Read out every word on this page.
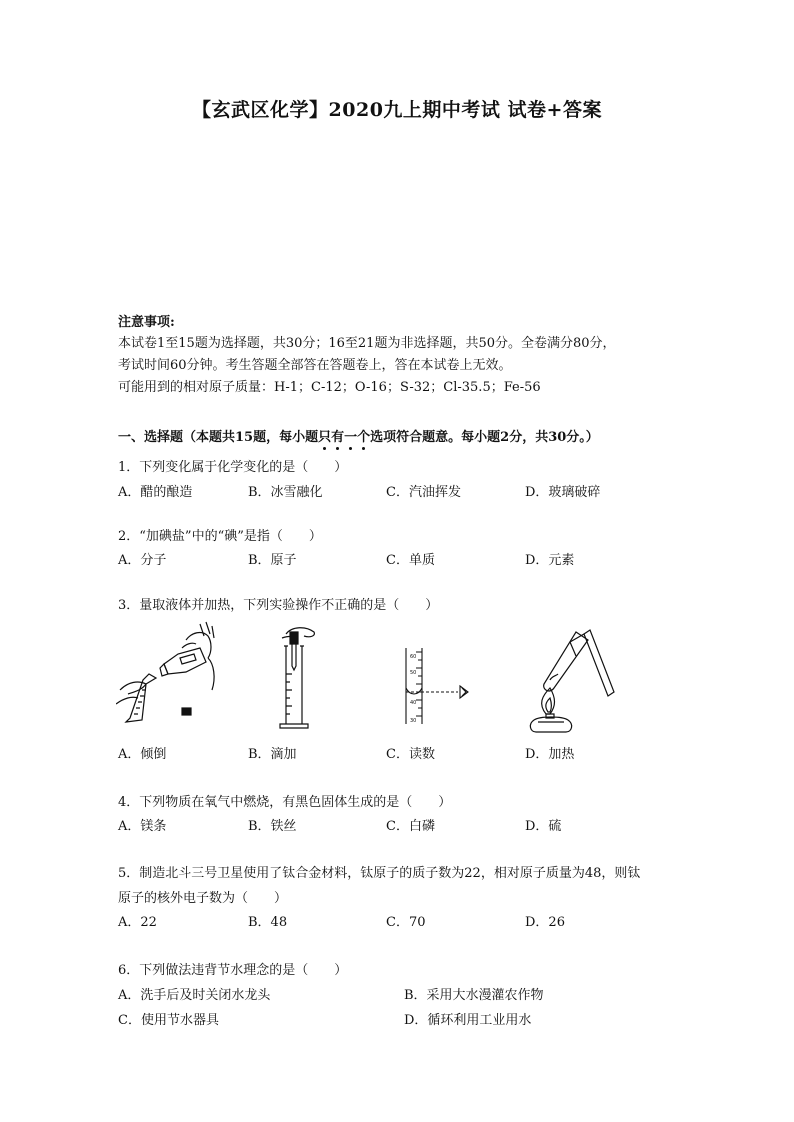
【玄武区化学】2020九上期中考试 试卷+答案
注意事项:
本试卷1至15题为选择题，共30分；16至21题为非选择题，共50分。全卷满分80分，
考试时间60分钟。考生答题全部答在答题卷上，答在本试卷上无效。
可能用到的相对原子质量：H-1；C-12；O-16；S-32；Cl-35.5；Fe-56
一、选择题（本题共15题，每小题只有一个选项符合题意。每小题2分，共30分。）
1．下列变化属于化学变化的是（　　）
A．醋的酿造	B．冰雪融化	C．汽油挥发	D．玻璃破碎
2．“加碘盐”中的“碘”是指（　　）
A．分子	B．原子	C．单质	D．元素
3．量取液体并加热，下列实验操作不正确的是（　　）
60
50
40
30
A．倾倒	B．滴加	C．读数	D．加热
4．下列物质在氧气中燃烧，有黑色固体生成的是（　　）
A．镁条	B．铁丝	C．白磷	D．硫
5．制造北斗三号卫星使用了钛合金材料，钛原子的质子数为22，相对原子质量为48，则钛
原子的核外电子数为（　　）
A．22	B．48	C．70	D．26
6．下列做法违背节水理念的是（　　）
A．洗手后及时关闭水龙头	B．采用大水漫灌农作物
C．使用节水器具	D．循环利用工业用水
